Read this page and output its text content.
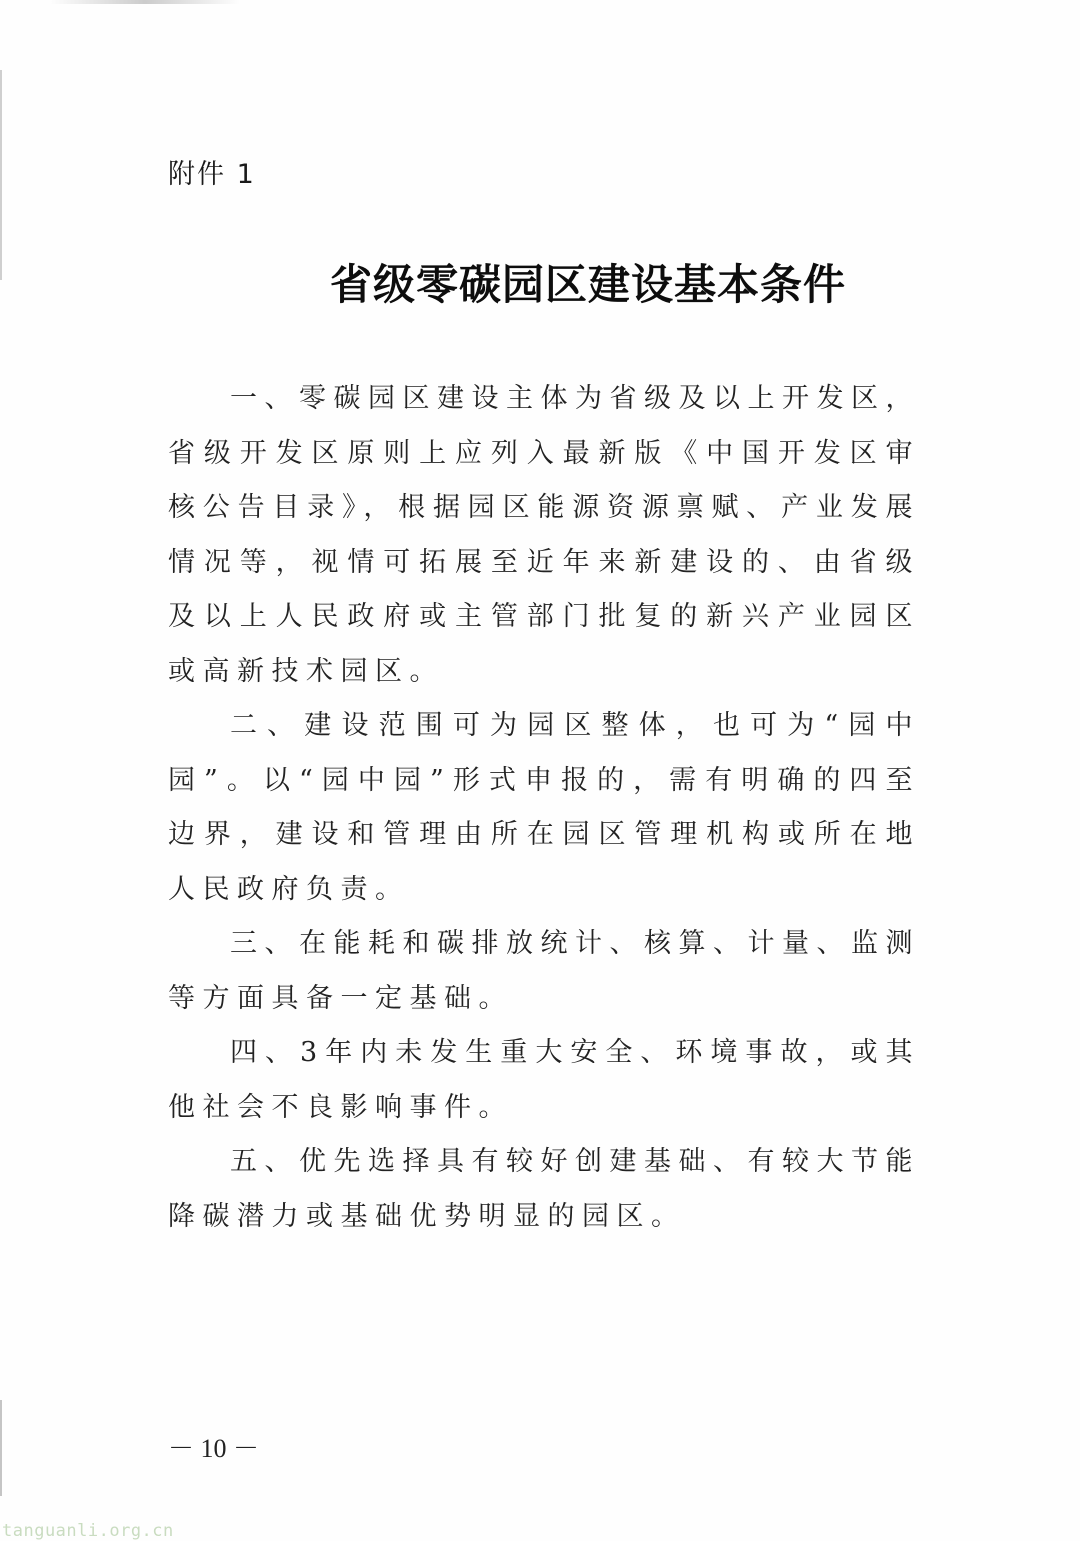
附件 1
省级零碳园区建设基本条件

一、零碳园区建设主体为省级及以上开发区，省级开发区原则上应列入最新版《中国开发区审核公告目录》，根据园区能源资源禀赋、产业发展情况等，视情可拓展至近年来新建设的、由省级及以上人民政府或主管部门批复的新兴产业园区或高新技术园区。

二、建设范围可为园区整体，也可为“园中园”。以“园中园”形式申报的，需有明确的四至边界，建设和管理由所在园区管理机构或所在地人民政府负责。

三、在能耗和碳排放统计、核算、计量、监测等方面具备一定基础。

四、3年内未发生重大安全、环境事故，或其他社会不良影响事件。

五、优先选择具有较好创建基础、有较大节能降碳潜力或基础优势明显的园区。

－ 10 －
tanguanli.org.cn
